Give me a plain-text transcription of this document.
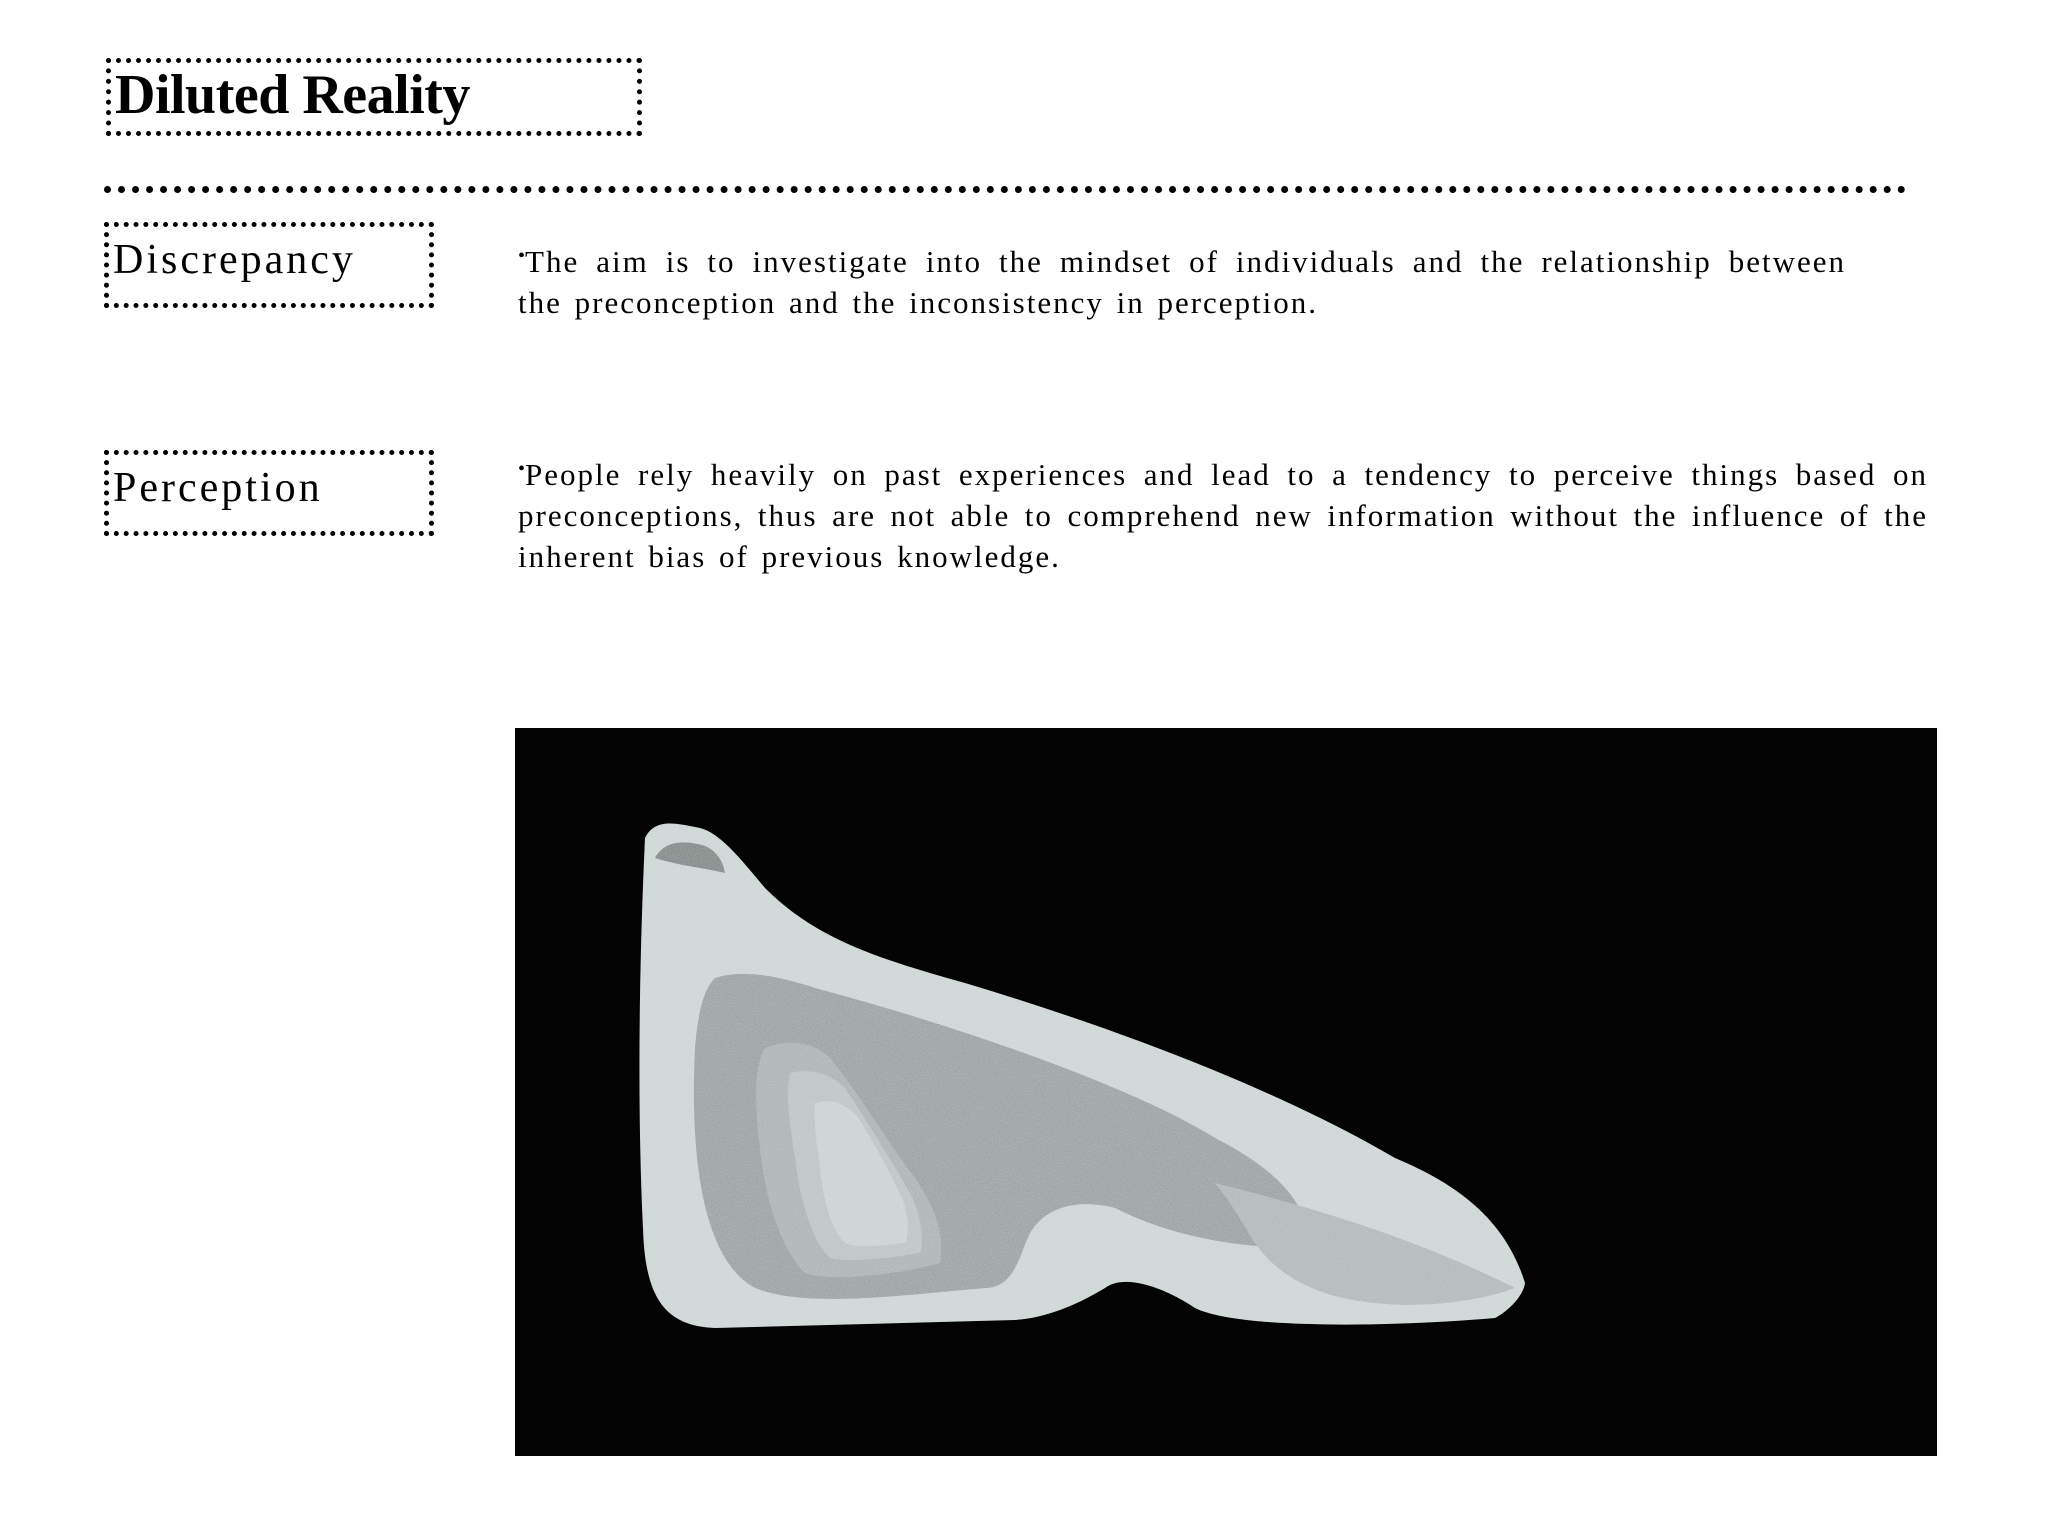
Diluted Reality
Discrepancy	•The aim is to investigate into the mindset of individuals and the relationship between the preconception and the inconsistency in perception.
Perception	•People rely heavily on past experiences and lead to a tendency to perceive things based on preconceptions, thus are not able to comprehend new information without the influence of the inherent bias of previous knowledge.
